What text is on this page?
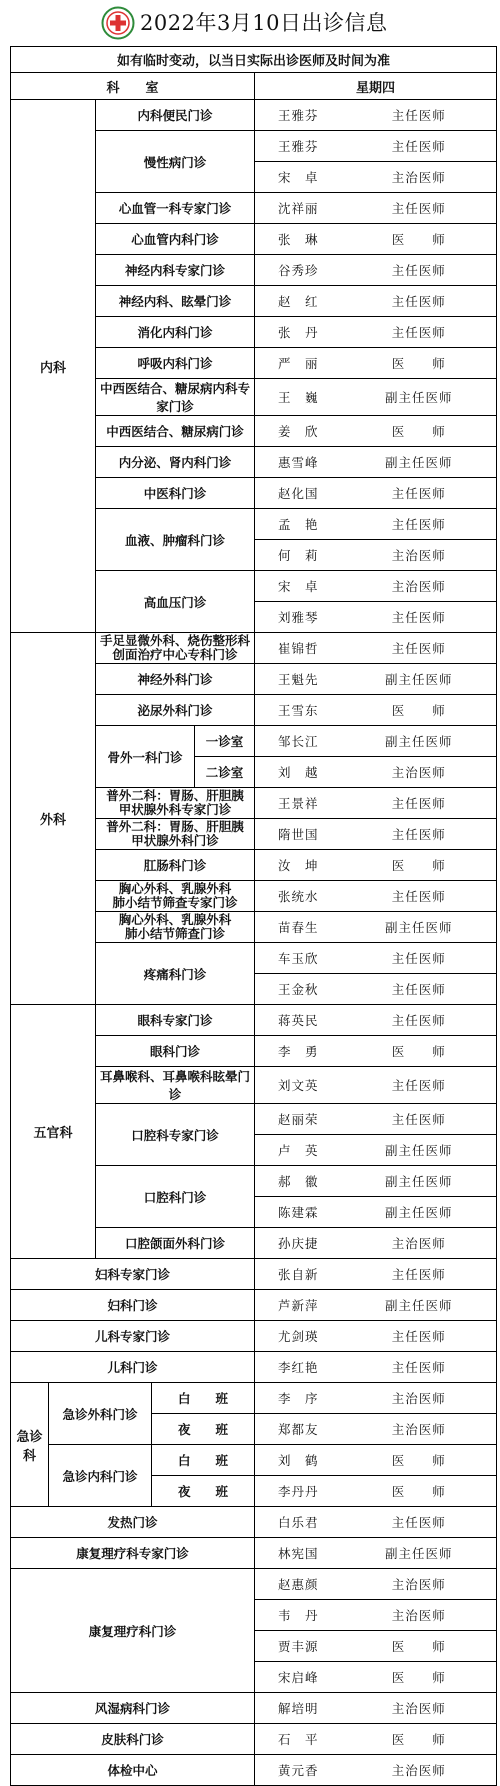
2022年3月10日出诊信息
如有临时变动，以当日实际出诊医师及时间为准						
科　　室					星期四	
内科		内科便民门诊			王雅芬	主任医师
		慢性病门诊			王雅芬	主任医师
					宋　卓	主治医师
		心血管一科专家门诊			沈祥丽	主任医师
		心血管内科门诊			张　琳	医　　师
		神经内科专家门诊			谷秀珍	主任医师
		神经内科、眩晕门诊			赵　红	主任医师
		消化内科门诊			张　丹	主任医师
		呼吸内科门诊			严　丽	医　　师
		中西医结合、糖尿病内科专家门诊			王　巍	副主任医师
		中西医结合、糖尿病门诊			姜　欣	医　　师
		内分泌、肾内科门诊			惠雪峰	副主任医师
		中医科门诊			赵化国	主任医师
		血液、肿瘤科门诊			孟　艳	主任医师
					何　莉	主治医师
		高血压门诊			宋　卓	主治医师
					刘雅琴	主任医师
外科		手足显微外科、烧伤整形科
创面治疗中心专科门诊			崔锦哲	主任医师
		神经外科门诊			王魁先	副主任医师
		泌尿外科门诊			王雪东	医　　师
		骨外一科门诊		一诊室	邹长江	副主任医师
				二诊室	刘　越	主治医师

		普外二科：胃肠、肝胆胰
甲状腺外科专家门诊			王景祥	主任医师

		普外二科：胃肠、肝胆胰
甲状腺外科门诊			隋世国	主任医师
		肛肠科门诊			汝　坤	医　　师

		胸心外科、乳腺外科
肺小结节筛查专家门诊			张统水	主任医师

		胸心外科、乳腺外科
肺小结节筛查门诊			苗春生	副主任医师
		疼痛科门诊			车玉欣	主任医师
					王金秋	主任医师
五官科		眼科专家门诊			蒋英民	主任医师
		眼科门诊			李　勇	医　　师
		耳鼻喉科、耳鼻喉科眩晕门诊			刘文英	主任医师
		口腔科专家门诊			赵丽荣	主任医师
					卢　英	副主任医师
		口腔科门诊			郝　徽	副主任医师
					陈建霖	副主任医师
		口腔颌面外科门诊			孙庆捷	主治医师
妇科专家门诊					张自新	主任医师
妇科门诊					芦新萍	副主任医师
儿科专家门诊					尤剑瑛	主任医师
儿科门诊					李红艳	主任医师
急诊科	急诊外科门诊		白　　班		李　序	主治医师
			夜　　班		郑都友	主治医师
	急诊内科门诊		白　　班		刘　鹤	医　　师
			夜　　班		李丹丹	医　　师
发热门诊					白乐君	主任医师
康复理疗科专家门诊					林宪国	副主任医师
康复理疗科门诊					赵惠颜	主治医师
					韦　丹	主治医师
					贾丰源	医　　师
					宋启峰	医　　师
风湿病科门诊					解培明	主治医师
皮肤科门诊					石　平	医　　师
体检中心					黄元香	主治医师
